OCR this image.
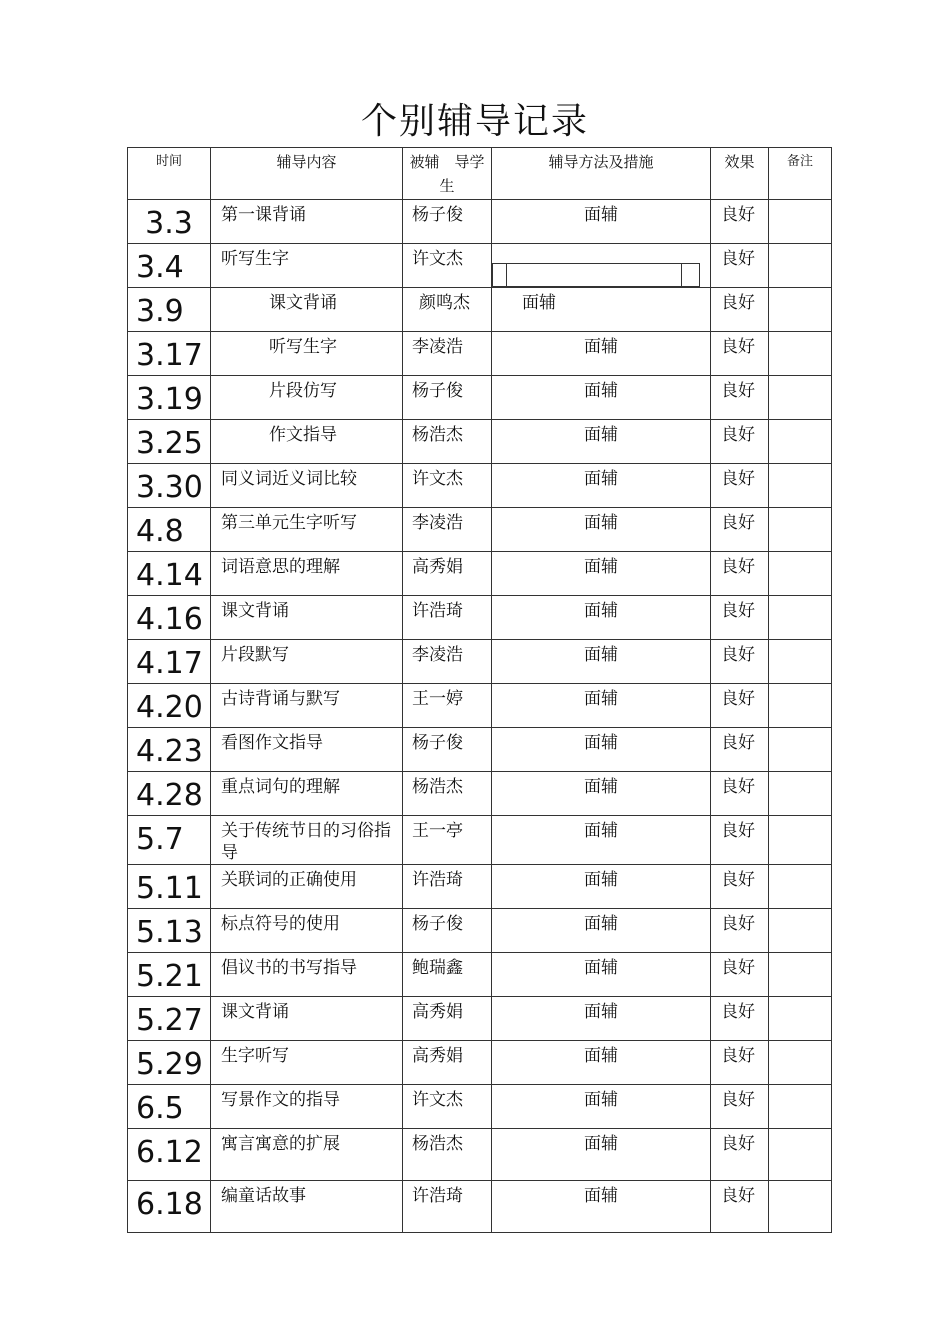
个别辅导记录
时间	辅导内容	被辅　导学生	辅导方法及措施	效果	备注
3.3	第一课背诵	杨子俊	面辅	良好	
3.4	听写生字	许文杰		良好	
3.9	课文背诵	颜鸣杰	面辅	良好	
3.17	听写生字	李凌浩	面辅	良好	
3.19	片段仿写	杨子俊	面辅	良好	
3.25	作文指导	杨浩杰	面辅	良好	
3.30	同义词近义词比较	许文杰	面辅	良好	
4.8	第三单元生字听写	李凌浩	面辅	良好	
4.14	词语意思的理解	高秀娟	面辅	良好	
4.16	课文背诵	许浩琦	面辅	良好	
4.17	片段默写	李凌浩	面辅	良好	
4.20	古诗背诵与默写	王一婷	面辅	良好	
4.23	看图作文指导	杨子俊	面辅	良好	
4.28	重点词句的理解	杨浩杰	面辅	良好	
5.7	关于传统节日的习俗指导	王一亭	面辅	良好	
5.11	关联词的正确使用	许浩琦	面辅	良好	
5.13	标点符号的使用	杨子俊	面辅	良好	
5.21	倡议书的书写指导	鲍瑞鑫	面辅	良好	
5.27	课文背诵	高秀娟	面辅	良好	
5.29	生字听写	高秀娟	面辅	良好	
6.5	写景作文的指导	许文杰	面辅	良好	
6.12	寓言寓意的扩展	杨浩杰	面辅	良好	
6.18	编童话故事	许浩琦	面辅	良好	
